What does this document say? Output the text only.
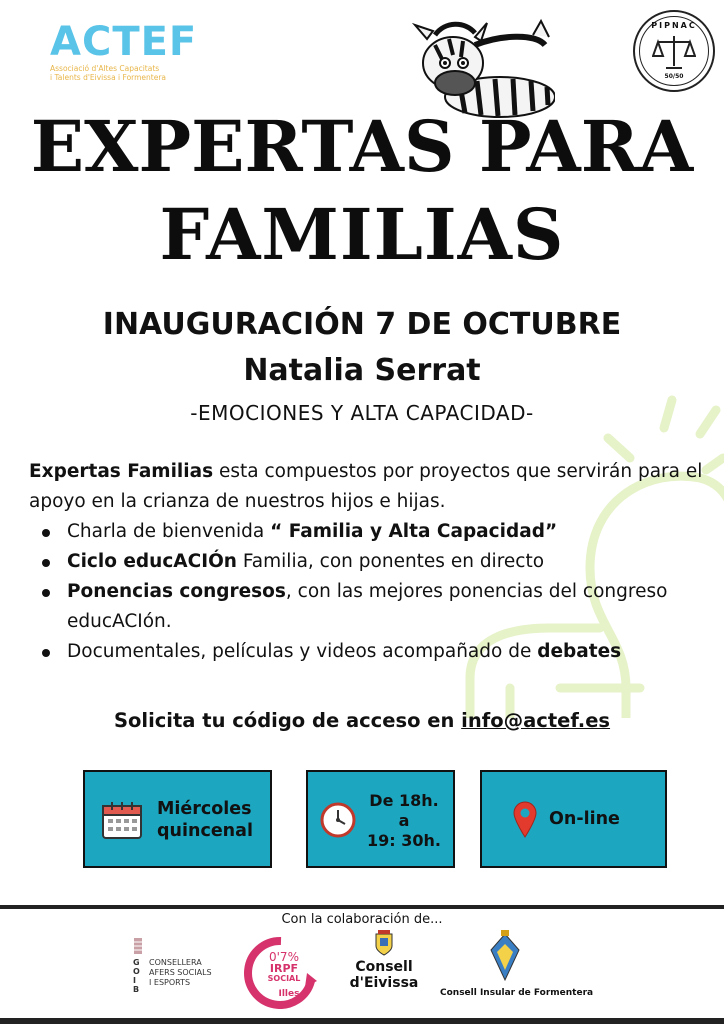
ACTEF
Associació d'Altes Capacitats
i Talents d'Eivissa i Formentera
PIPNAC
50/50
EXPERTAS PARA
FAMILIAS
INAUGURACIÓN 7 DE OCTUBRE
Natalia Serrat
-EMOCIONES Y ALTA CAPACIDAD-
Expertas Familias esta compuestos por proyectos que servirán para el apoyo en la crianza de nuestros hijos e hijas.
Charla de bienvenida “ Familia y Alta Capacidad”
Ciclo educACIÓn Familia, con ponentes en directo
Ponencias congresos, con las mejores ponencias del congreso educACIón.
Documentales, películas y videos acompañado de debates
Solicita tu código de acceso en info@actef.es
Miércoles
quincenal
De 18h.
a
19: 30h.
On-line
Con la colaboración de...
G
O
I
B
CONSELLERA
AFERS SOCIALS
I ESPORTS
0'7%
IRPF
SOCIAL
Illes
Consell
d'Eivissa
Consell Insular de Formentera
